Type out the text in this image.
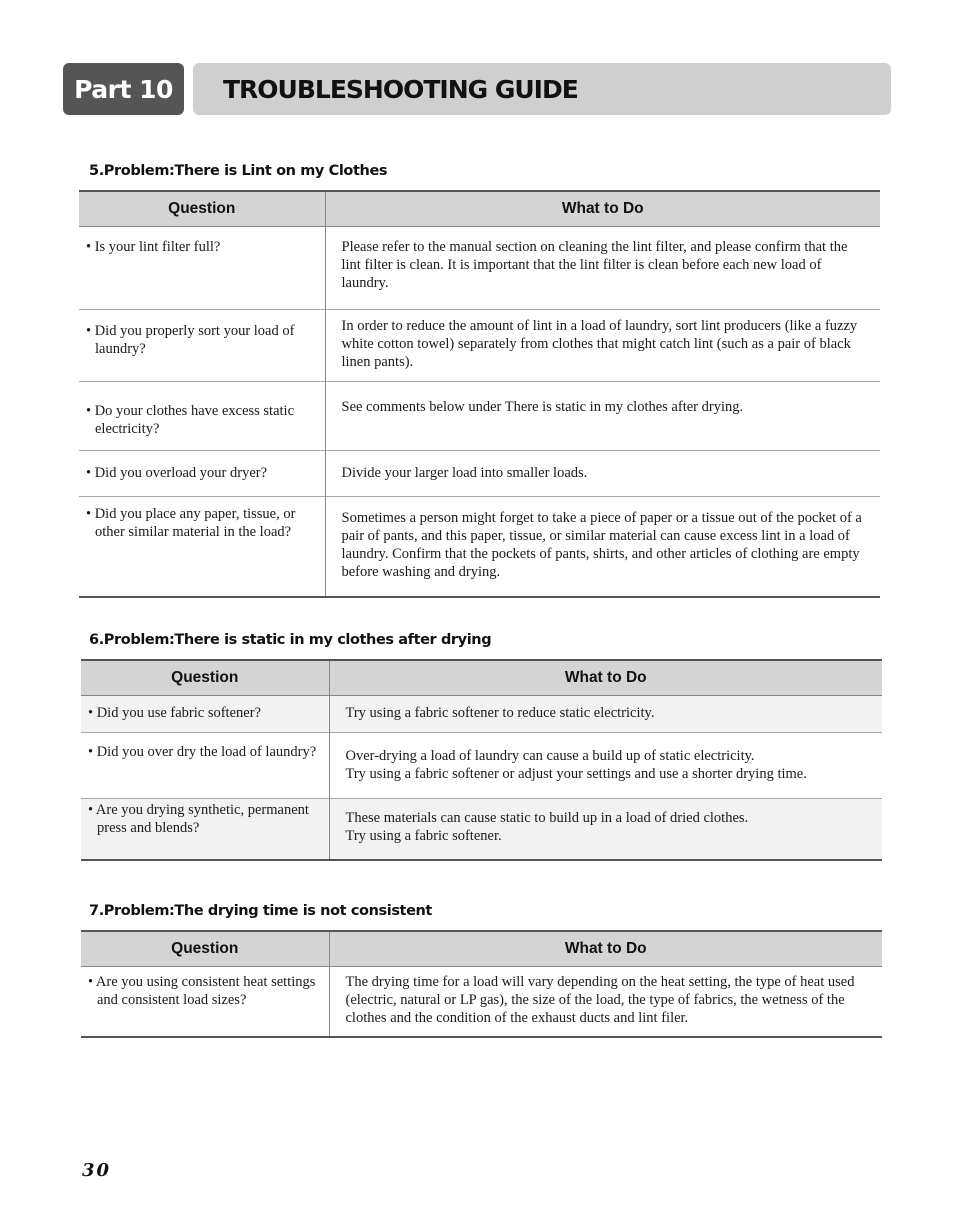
Part 10 TROUBLESHOOTING GUIDE
5.Problem:There is Lint on my Clothes
Question	What to Do
• Is your lint filter full?	Please refer to the manual section on cleaning the lint filter, and please confirm that the lint filter is clean. It is important that the lint filter is clean before each new load of laundry.
• Did you properly sort your load of laundry?	In order to reduce the amount of lint in a load of laundry, sort lint producers (like a fuzzy white cotton towel) separately from clothes that might catch lint (such as a pair of black linen pants).
• Do your clothes have excess static electricity?	See comments below under There is static in my clothes after drying.
• Did you overload your dryer?	Divide your larger load into smaller loads.
• Did you place any paper, tissue, or other similar material in the load?	Sometimes a person might forget to take a piece of paper or a tissue out of the pocket of a pair of pants, and this paper, tissue, or similar material can cause excess lint in a load of laundry. Confirm that the pockets of pants, shirts, and other articles of clothing are empty before washing and drying.
6.Problem:There is static in my clothes after drying
Question	What to Do
• Did you use fabric softener?	Try using a fabric softener to reduce static electricity.
• Did you over dry the load of laundry?	Over-drying a load of laundry can cause a build up of static electricity.
Try using a fabric softener or adjust your settings and use a shorter drying time.

• Are you drying synthetic, permanent press and blends?	These materials can cause static to build up in a load of dried clothes.
Try using a fabric softener.
7.Problem:The drying time is not consistent
Question	What to Do
• Are you using consistent heat settings and consistent load sizes?	The drying time for a load will vary depending on the heat setting, the type of heat used (electric, natural or LP gas), the size of the load, the type of fabrics, the wetness of the clothes and the condition of the exhaust ducts and lint filer.
30
